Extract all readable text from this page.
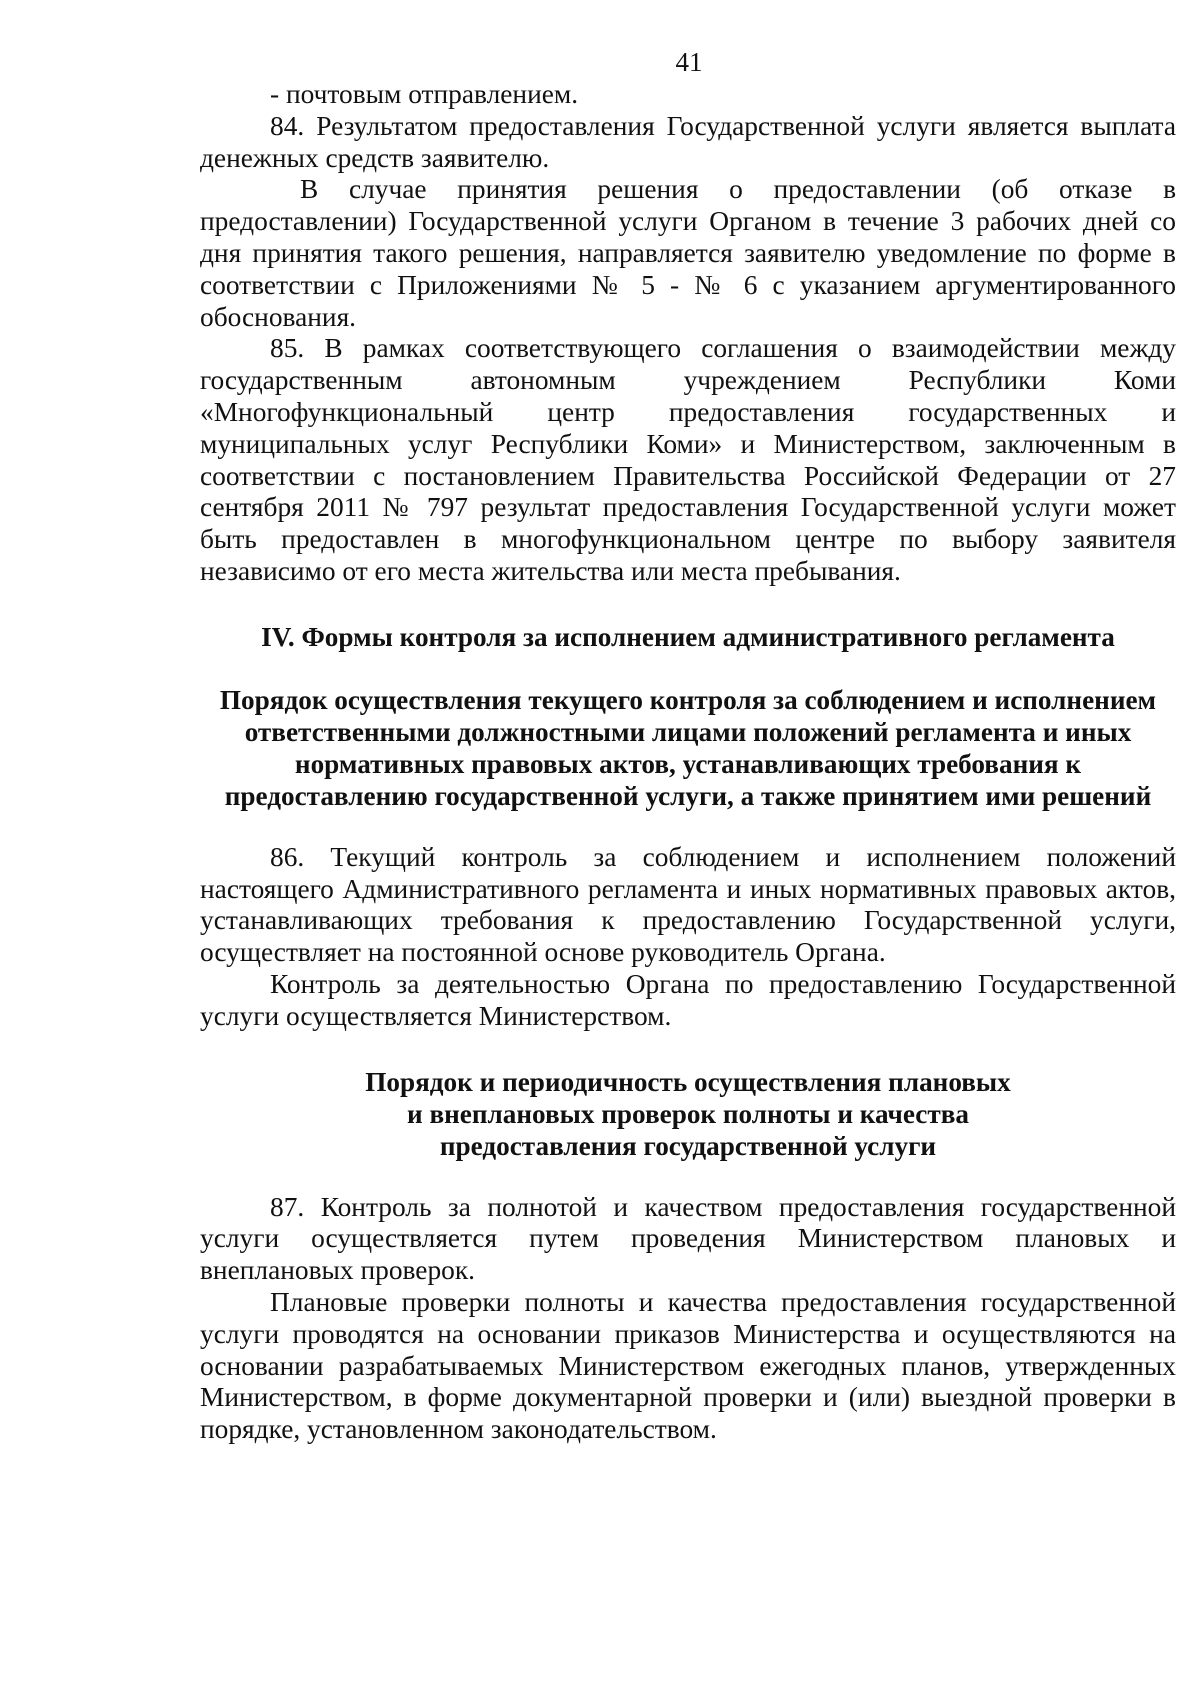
41

- почтовым отправлением.

84. Результатом предоставления Государственной услуги является выплата денежных средств заявителю.

В случае принятия решения о предоставлении (об отказе в предоставлении) Государственной услуги Органом в течение 3 рабочих дней со дня принятия такого решения, направляется заявителю уведомление по форме в соответствии с Приложениями № 5 - № 6 с указанием аргументированного обоснования.

85. В рамках соответствующего соглашения о взаимодействии между государственным автономным учреждением Республики Коми «Многофункциональный центр предоставления государственных и муниципальных услуг Республики Коми» и Министерством, заключенным в соответствии с постановлением Правительства Российской Федерации от 27 сентября 2011 № 797 результат предоставления Государственной услуги может быть предоставлен в многофункциональном центре по выбору заявителя независимо от его места жительства или места пребывания.

IV. Формы контроля за исполнением административного регламента
Порядок осуществления текущего контроля за соблюдением и исполнением ответственными должностными лицами положений регламента и иных нормативных правовых актов, устанавливающих требования к предоставлению государственной услуги, а также принятием ими решений

86. Текущий контроль за соблюдением и исполнением положений настоящего Административного регламента и иных нормативных правовых актов, устанавливающих требования к предоставлению Государственной услуги, осуществляет на постоянной основе руководитель Органа.

Контроль за деятельностью Органа по предоставлению Государственной услуги осуществляется Министерством.

Порядок и периодичность осуществления плановых
и внеплановых проверок полноты и качества
предоставления государственной услуги

87. Контроль за полнотой и качеством предоставления государственной услуги осуществляется путем проведения Министерством плановых и внеплановых проверок.

Плановые проверки полноты и качества предоставления государственной услуги проводятся на основании приказов Министерства и осуществляются на основании разрабатываемых Министерством ежегодных планов, утвержденных Министерством, в форме документарной проверки и (или) выездной проверки в порядке, установленном законодательством.
